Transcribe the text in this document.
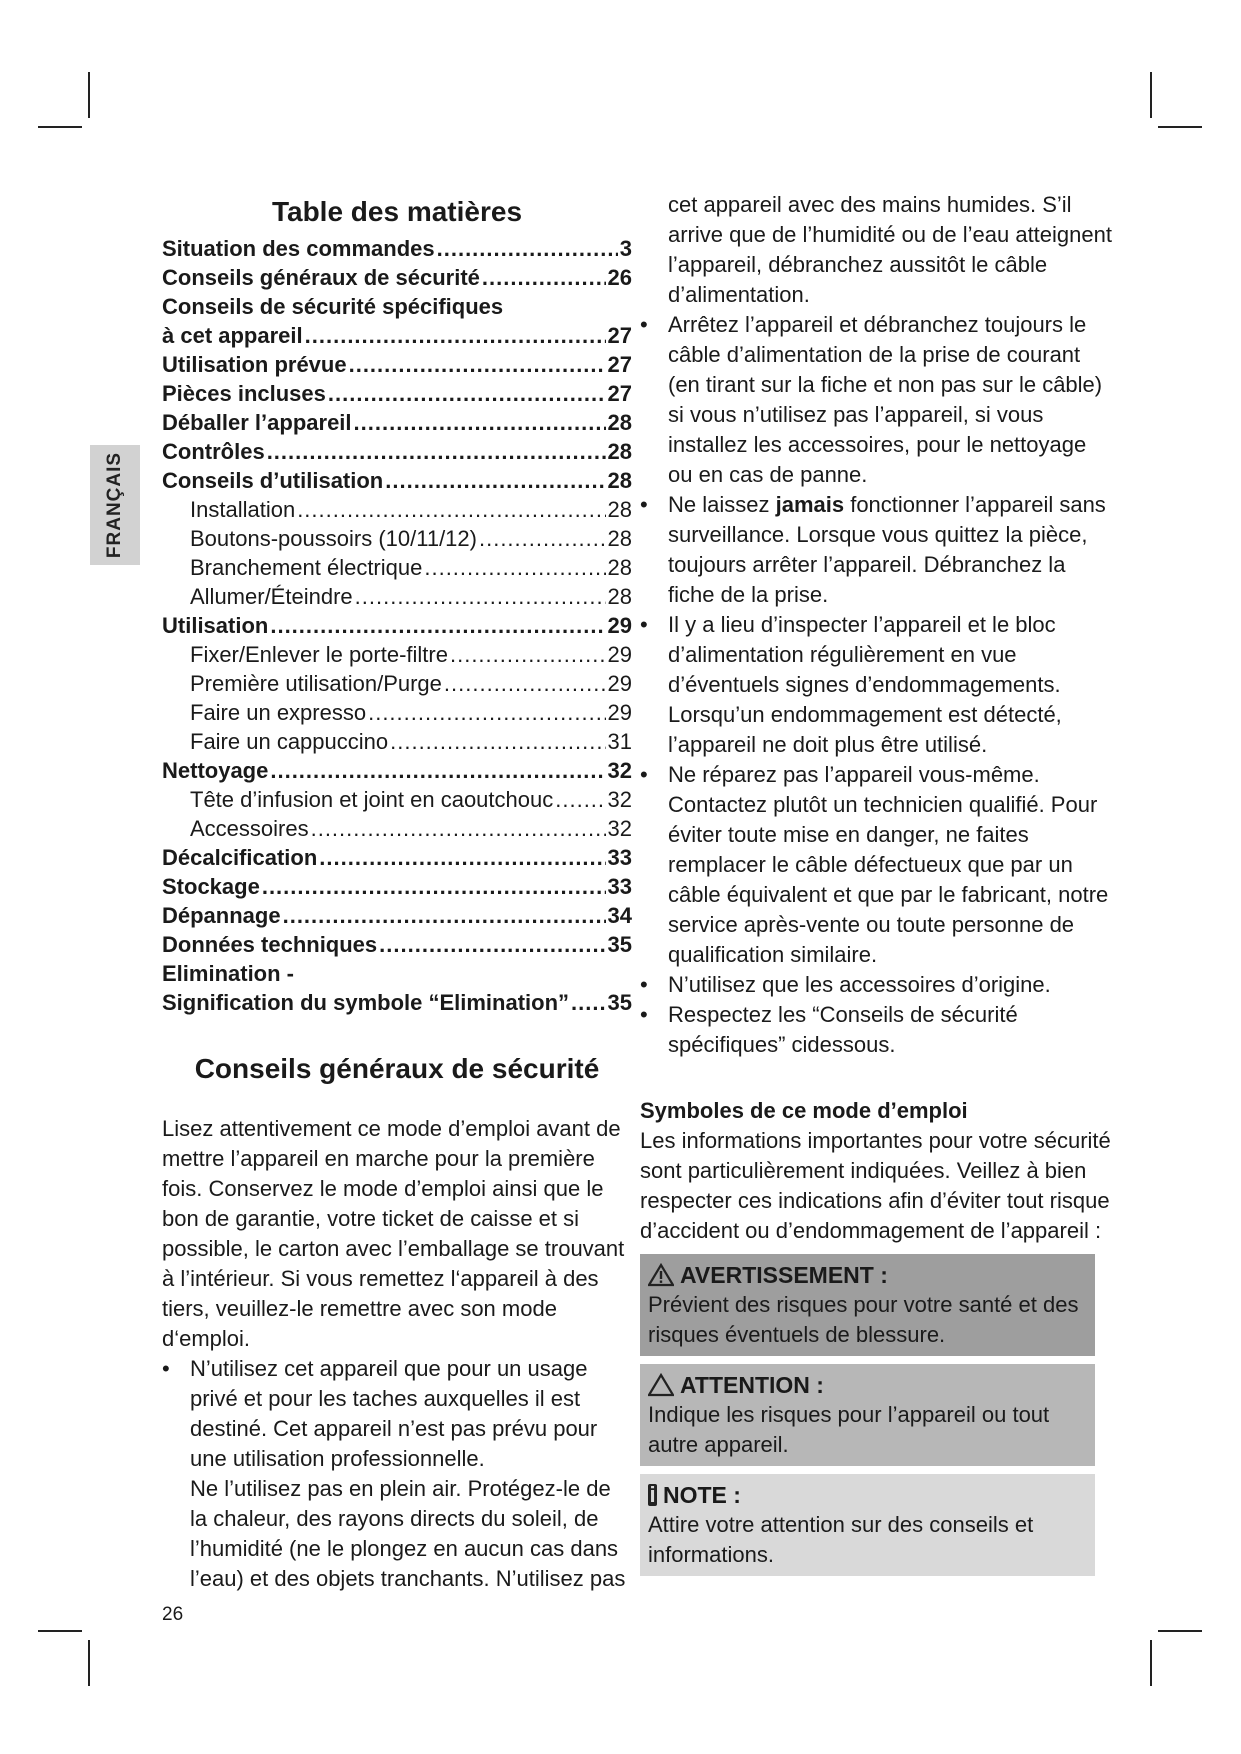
FRANÇAIS
Table des matières
Situation des commandes .....	3
Conseils généraux de sécurité .....	26
Conseils de sécurité spécifiques
à cet appareil .....	27
Utilisation prévue .....	27
Pièces incluses .....	27
Déballer l’appareil .....	28
Contrôles .....	28
Conseils d’utilisation .....	28
Installation .....	28
Boutons-poussoirs (10/11/12) .....	28
Branchement électrique .....	28
Allumer/Éteindre .....	28
Utilisation .....	29
Fixer/Enlever le porte-filtre .....	29
Première utilisation/Purge .....	29
Faire un expresso .....	29
Faire un cappuccino .....	31
Nettoyage .....	32
Tête d’infusion et joint en caoutchouc ..... 32
Accessoires .....	32
Décalcification .....	33
Stockage .....	33
Dépannage .....	34
Données techniques .....	35
Elimination -
Signification du symbole “Elimination” ..... 35
Conseils généraux de sécurité

Lisez attentivement ce mode d’emploi avant de mettre l’appareil en marche pour la première fois. Conservez le mode d’emploi ainsi que le bon de garantie, votre ticket de caisse et si possible, le carton avec l’emballage se trouvant à l’intérieur. Si vous remettez l‘appareil à des tiers, veuillez-le remettre avec son mode d‘emploi.

• N’utilisez cet appareil que pour un usage privé et pour les taches auxquelles il est destiné. Cet appareil n’est pas prévu pour une utilisation professionnelle.
Ne l’utilisez pas en plein air. Protégez-le de la chaleur, des rayons directs du soleil, de l’humidité (ne le plongez en aucun cas dans l’eau) et des objets tranchants. N’utilisez pas
26
cet appareil avec des mains humides. S’il arrive que de l’humidité ou de l’eau atteignent l’appareil, débranchez aussitôt le câble d’alimentation.
• Arrêtez l’appareil et débranchez toujours le câble d’alimentation de la prise de courant (en tirant sur la fiche et non pas sur le câble) si vous n’utilisez pas l’appareil, si vous installez les accessoires, pour le nettoyage ou en cas de panne.
• Ne laissez jamais fonctionner l’appareil sans surveillance. Lorsque vous quittez la pièce, toujours arrêter l’appareil. Débranchez la fiche de la prise.
• Il y a lieu d’inspecter l’appareil et le bloc d’alimentation régulièrement en vue d’éventuels signes d’endommagements. Lorsqu’un endommagement est détecté, l’appareil ne doit plus être utilisé.
• Ne réparez pas l’appareil vous-même. Contactez plutôt un technicien qualifié. Pour éviter toute mise en danger, ne faites remplacer le câble défectueux que par un câble équivalent et que par le fabricant, notre service après-vente ou toute personne de qualification similaire.
• N’utilisez que les accessoires d’origine.
• Respectez les “Conseils de sécurité spécifiques” cidessous.
Symboles de ce mode d’emploi

Les informations importantes pour votre sécurité sont particulièrement indiquées. Veillez à bien respecter ces indications afin d’éviter tout risque d’accident ou d’endommagement de l’appareil :

AVERTISSEMENT :
Prévient des risques pour votre santé et des risques éventuels de blessure.
ATTENTION :
Indique les risques pour l’appareil ou tout autre appareil.
i NOTE :
Attire votre attention sur des conseils et informations.
